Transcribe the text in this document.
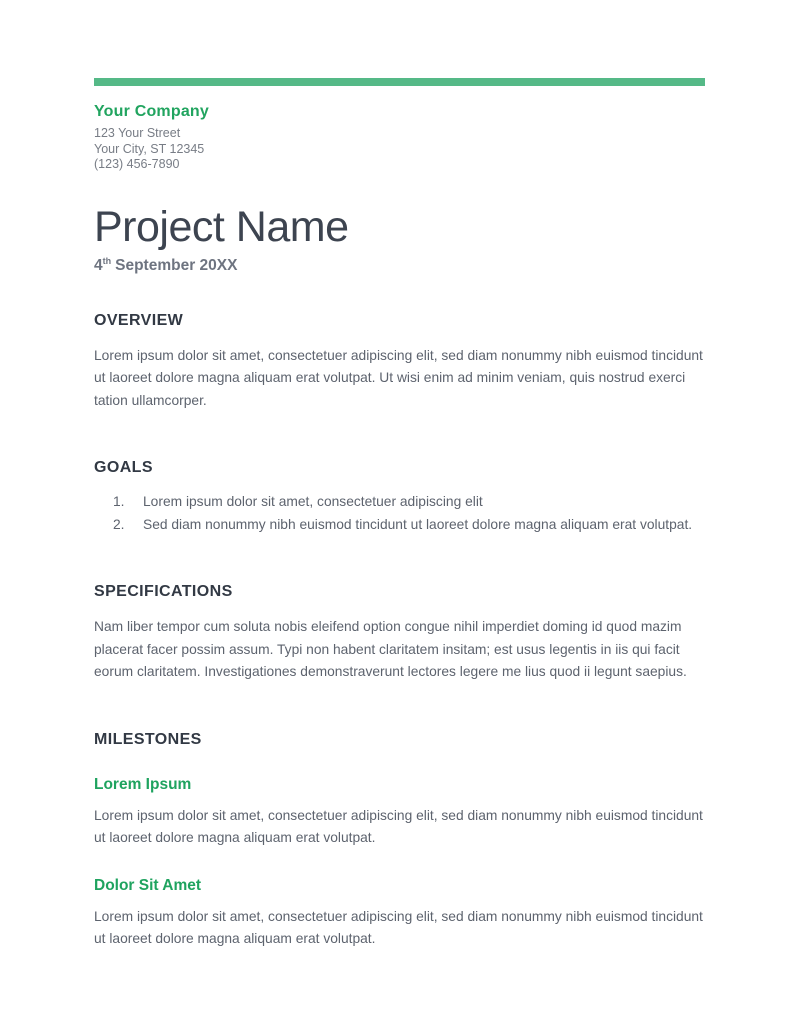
Your Company

123 Your Street

Your City, ST 12345

(123) 456-7890

Project Name
4th September 20XX
OVERVIEW

Lorem ipsum dolor sit amet, consectetuer adipiscing elit, sed diam nonummy nibh euismod tincidunt ut laoreet dolore magna aliquam erat volutpat. Ut wisi enim ad minim veniam, quis nostrud exerci tation ullamcorper.

GOALS
1.	Lorem ipsum dolor sit amet, consectetuer adipiscing elit
2.	Sed diam nonummy nibh euismod tincidunt ut laoreet dolore magna aliquam erat volutpat.
SPECIFICATIONS

Nam liber tempor cum soluta nobis eleifend option congue nihil imperdiet doming id quod mazim placerat facer possim assum. Typi non habent claritatem insitam; est usus legentis in iis qui facit eorum claritatem. Investigationes demonstraverunt lectores legere me lius quod ii legunt saepius.

MILESTONES
Lorem Ipsum

Lorem ipsum dolor sit amet, consectetuer adipiscing elit, sed diam nonummy nibh euismod tincidunt ut laoreet dolore magna aliquam erat volutpat.

Dolor Sit Amet

Lorem ipsum dolor sit amet, consectetuer adipiscing elit, sed diam nonummy nibh euismod tincidunt ut laoreet dolore magna aliquam erat volutpat.
